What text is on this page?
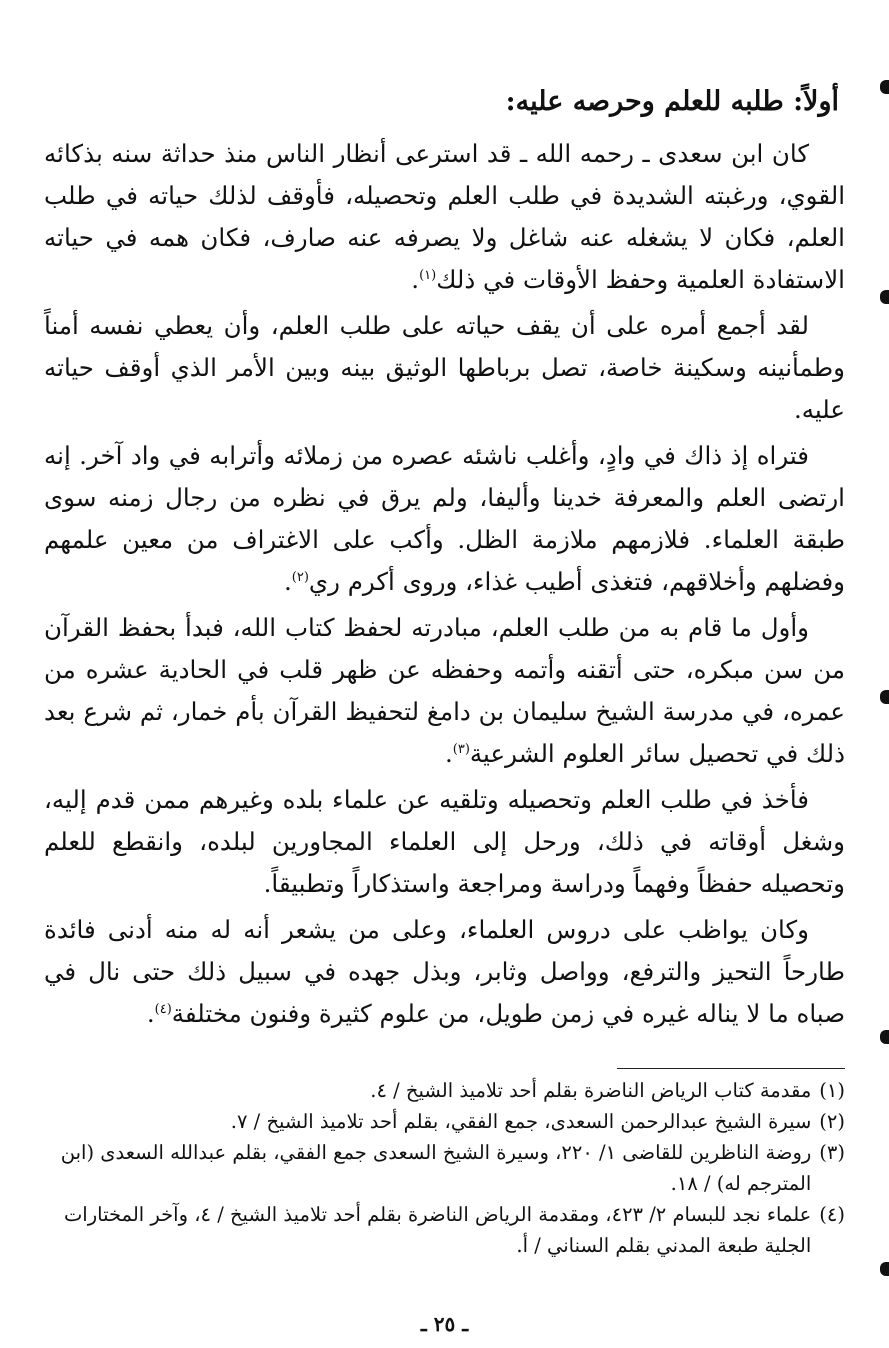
أولاً: طلبه للعلم وحرصه عليه:

كان ابن سعدى ـ رحمه الله ـ قد استرعى أنظار الناس منذ حداثة سنه بذكائه القوي، ورغبته الشديدة في طلب العلم وتحصيله، فأوقف لذلك حياته في طلب العلم، فكان لا يشغله عنه شاغل ولا يصرفه عنه صارف، فكان همه في حياته الاستفادة العلمية وحفظ الأوقات في ذلك$^{(١)}$.

لقد أجمع أمره على أن يقف حياته على طلب العلم، وأن يعطي نفسه أمناً وطمأنينه وسكينة خاصة، تصل برباطها الوثيق بينه وبين الأمر الذي أوقف حياته عليه.

فتراه إذ ذاك في وادٍ، وأغلب ناشئه عصره من زملائه وأترابه في واد آخر. إنه ارتضى العلم والمعرفة خدينا وأليفا، ولم يرق في نظره من رجال زمنه سوى طبقة العلماء. فلازمهم ملازمة الظل. وأكب على الاغتراف من معين علمهم وفضلهم وأخلاقهم، فتغذى أطيب غذاء، وروى أكرم ري$^{(٢)}$.

وأول ما قام به من طلب العلم، مبادرته لحفظ كتاب الله، فبدأ بحفظ القرآن من سن مبكره، حتى أتقنه وأتمه وحفظه عن ظهر قلب في الحادية عشره من عمره، في مدرسة الشيخ سليمان بن دامغ لتحفيظ القرآن بأم خمار، ثم شرع بعد ذلك في تحصيل سائر العلوم الشرعية$^{(٣)}$.

فأخذ في طلب العلم وتحصيله وتلقيه عن علماء بلده وغيرهم ممن قدم إليه، وشغل أوقاته في ذلك، ورحل إلى العلماء المجاورين لبلده، وانقطع للعلم وتحصيله حفظاً وفهماً ودراسة ومراجعة واستذكاراً وتطبيقاً.

وكان يواظب على دروس العلماء، وعلى من يشعر أنه له منه أدنى فائدة طارحاً التحيز والترفع، وواصل وثابر، وبذل جهده في سبيل ذلك حتى نال في صباه ما لا يناله غيره في زمن طويل، من علوم كثيرة وفنون مختلفة$^{(٤)}$.

(١)
مقدمة كتاب الرياض الناضرة بقلم أحد تلاميذ الشيخ / ٤.
(٢)
سيرة الشيخ عبدالرحمن السعدى، جمع الفقي، بقلم أحد تلاميذ الشيخ / ٧.
(٣)
روضة الناظرين للقاضى ١/ ٢٢٠، وسيرة الشيخ السعدى جمع الفقي، بقلم عبدالله السعدى (ابن المترجم له) / ١٨.
(٤)
علماء نجد للبسام ٢/ ٤٢٣، ومقدمة الرياض الناضرة بقلم أحد تلاميذ الشيخ / ٤، وآخر المختارات الجلية طبعة المدني بقلم السناني / أ.
ـ ٢٥ ـ
